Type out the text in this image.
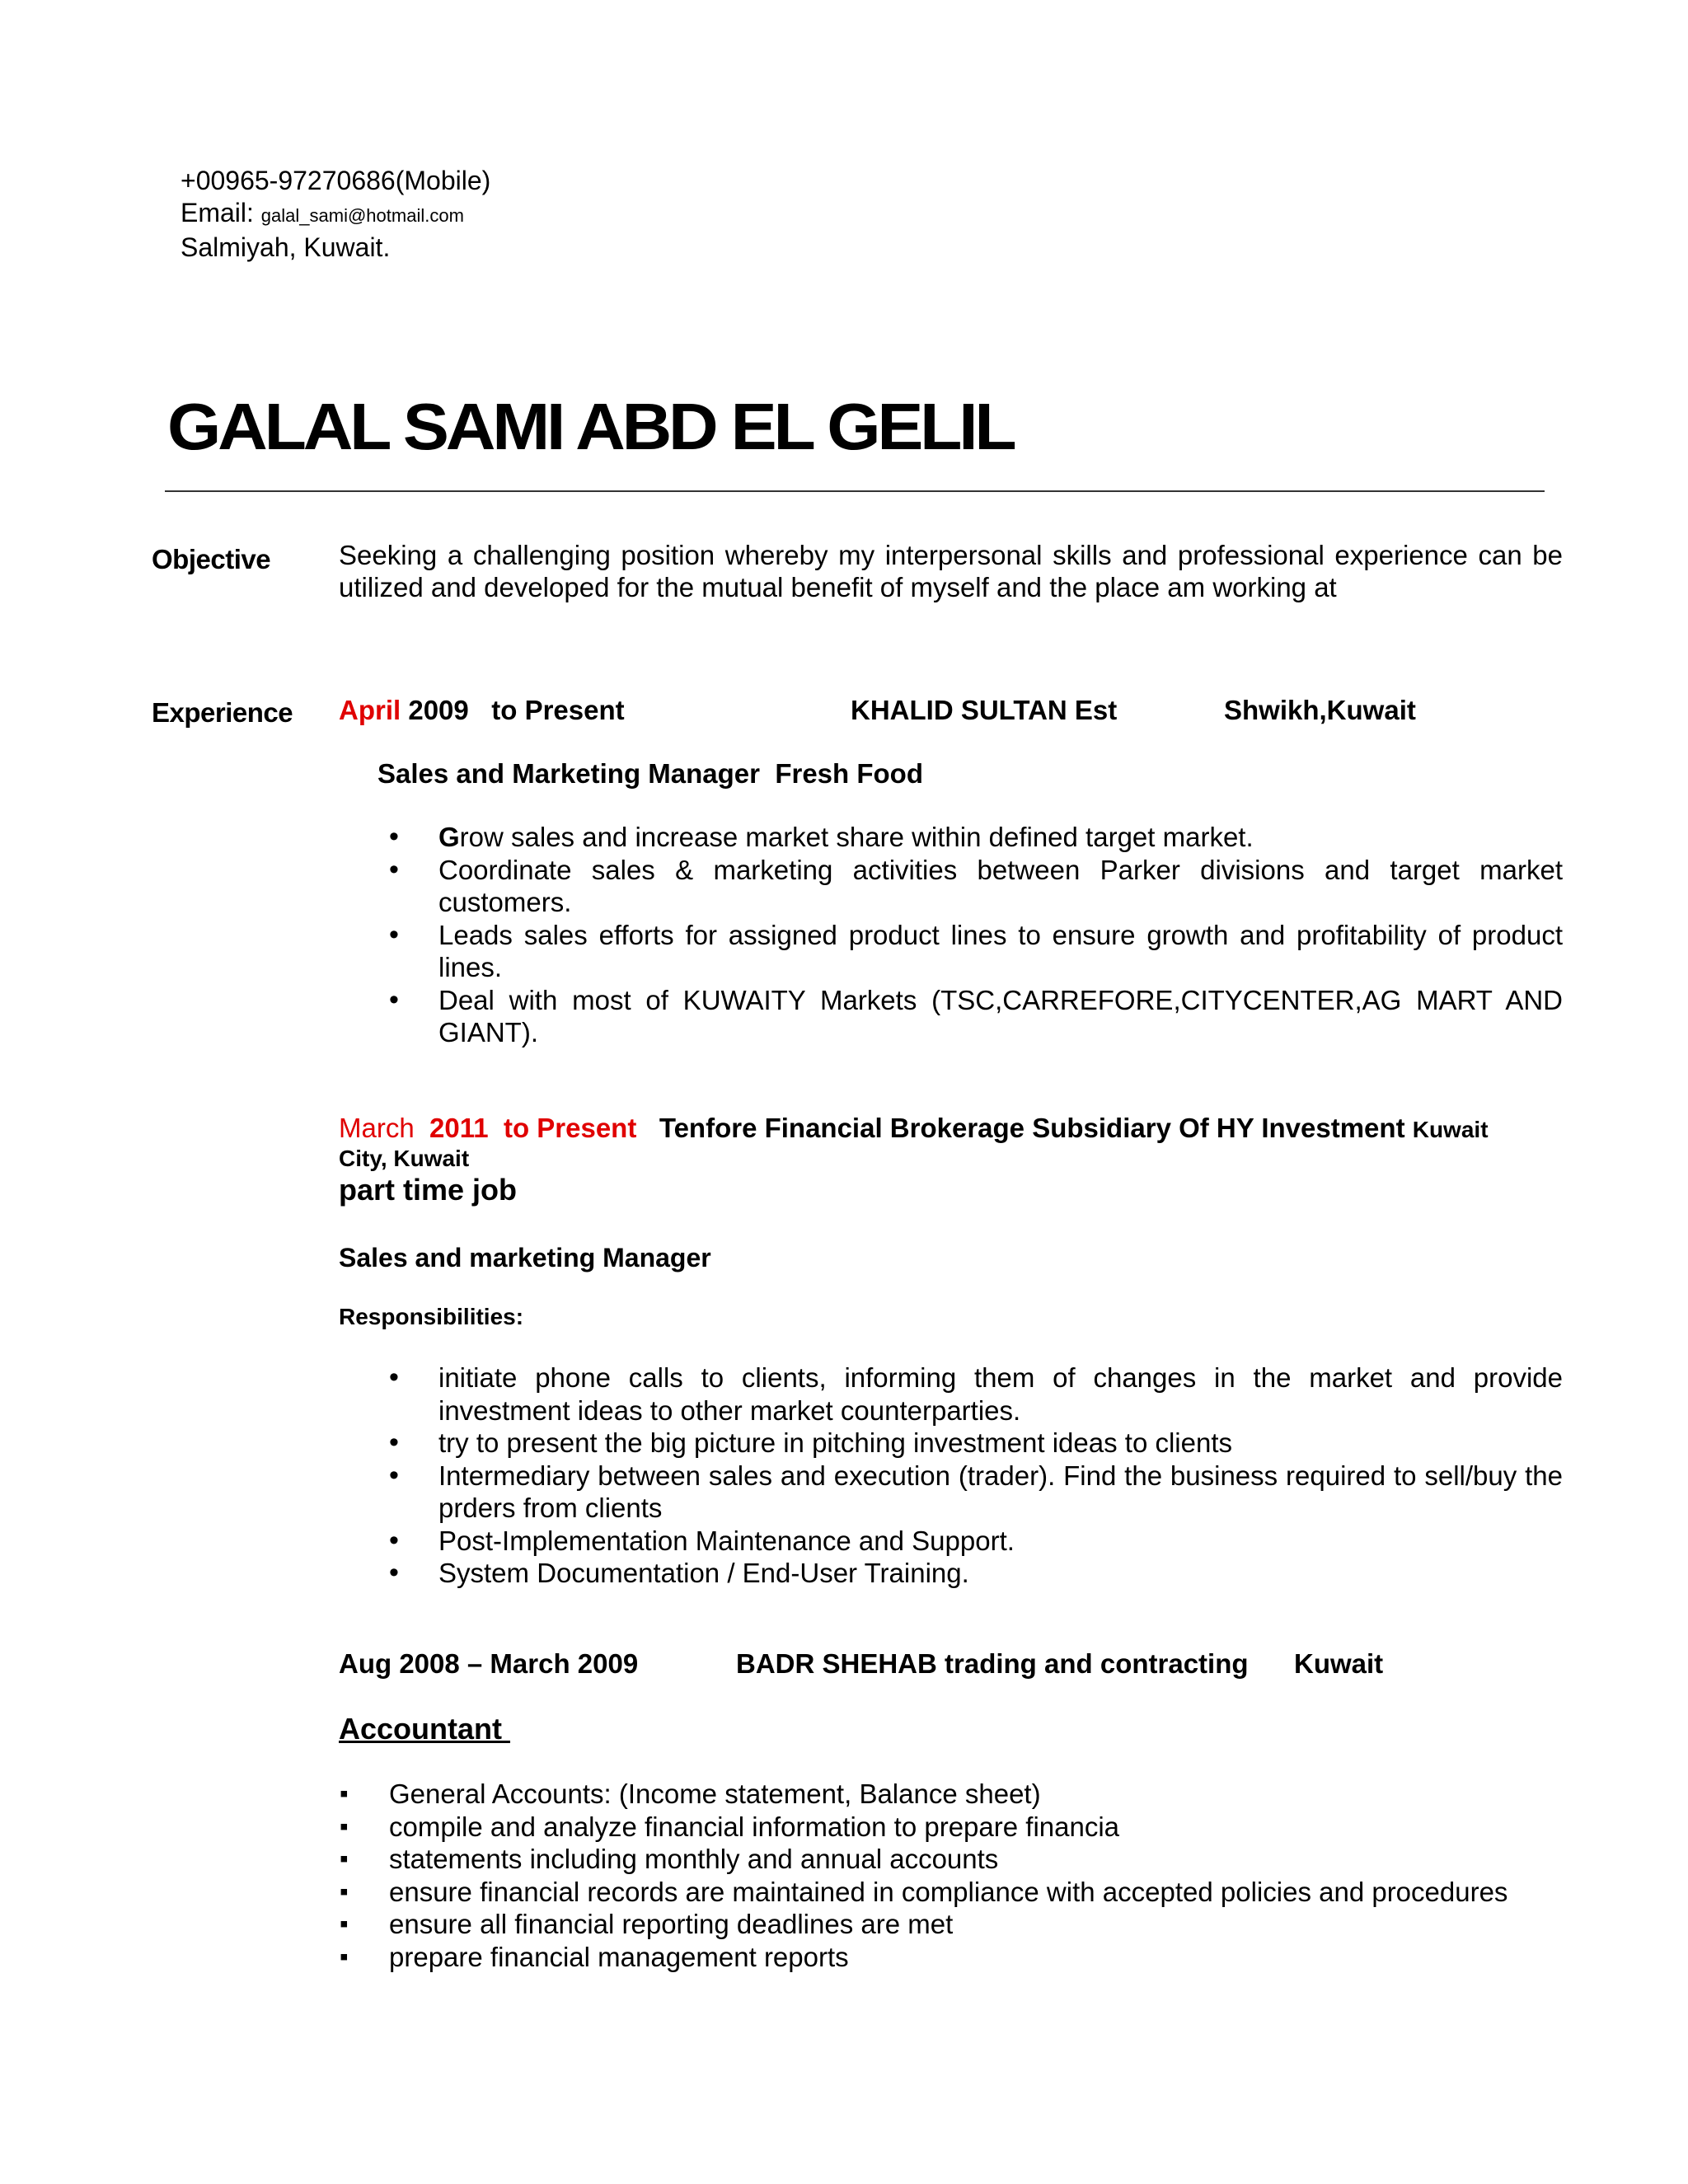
+00965-97270686(Mobile)
Email: galal_sami@hotmail.com
Salmiyah, Kuwait.
GALAL SAMI ABD EL GELIL
Objective	Seeking a challenging position whereby my interpersonal skills and professional experience can be utilized and developed for the mutual benefit of myself and the place am working at
Experience April 2009   to Present	KHALID SULTAN Est	Shwikh,Kuwait
Sales and Marketing Manager  Fresh Food
• Grow sales and increase market share within defined target market.
• Coordinate sales & marketing activities between Parker divisions and target market customers.
• Leads sales efforts for assigned product lines to ensure growth and profitability of product lines.
• Deal with most of KUWAITY Markets (TSC,CARREFORE,CITYCENTER,AG MART AND GIANT).
March 2011  to Present Tenfore Financial Brokerage Subsidiary Of HY Investment Kuwait
City, Kuwait
part time job
Sales and marketing Manager
Responsibilities:
• initiate phone calls to clients, informing them of changes in the market and provide investment ideas to other market counterparties.
• try to present the big picture in pitching investment ideas to clients
• Intermediary between sales and execution (trader). Find the business required to sell/buy the prders from clients
• Post-Implementation Maintenance and Support.
• System Documentation / End-User Training.
Aug 2008 – March 2009	BADR SHEHAB trading and contracting Kuwait
Accountant
▪ General Accounts: (Income statement, Balance sheet)
▪ compile and analyze financial information to prepare financia
▪ statements including monthly and annual accounts
▪ ensure financial records are maintained in compliance with accepted policies and procedures
▪ ensure all financial reporting deadlines are met
▪ prepare financial management reports
